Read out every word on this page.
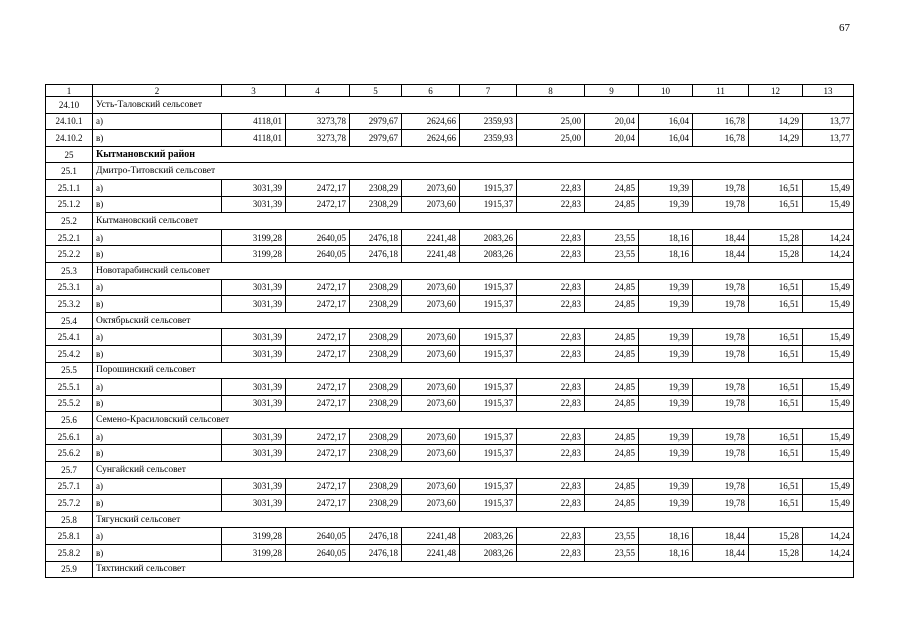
67
1	2	3	4	5	6	7	8	9	10	11	12	13
24.10	Усть-Таловский сельсовет											
24.10.1	а)	4118,01	3273,78	2979,67	2624,66	2359,93	25,00	20,04	16,04	16,78	14,29	13,77
24.10.2	в)	4118,01	3273,78	2979,67	2624,66	2359,93	25,00	20,04	16,04	16,78	14,29	13,77
25	Кытмановский район											
25.1	Дмитро-Титовский сельсовет											
25.1.1	а)	3031,39	2472,17	2308,29	2073,60	1915,37	22,83	24,85	19,39	19,78	16,51	15,49
25.1.2	в)	3031,39	2472,17	2308,29	2073,60	1915,37	22,83	24,85	19,39	19,78	16,51	15,49
25.2	Кытмановский сельсовет											
25.2.1	а)	3199,28	2640,05	2476,18	2241,48	2083,26	22,83	23,55	18,16	18,44	15,28	14,24
25.2.2	в)	3199,28	2640,05	2476,18	2241,48	2083,26	22,83	23,55	18,16	18,44	15,28	14,24
25.3	Новотарабинский сельсовет											
25.3.1	а)	3031,39	2472,17	2308,29	2073,60	1915,37	22,83	24,85	19,39	19,78	16,51	15,49
25.3.2	в)	3031,39	2472,17	2308,29	2073,60	1915,37	22,83	24,85	19,39	19,78	16,51	15,49
25.4	Октябрьский сельсовет											
25.4.1	а)	3031,39	2472,17	2308,29	2073,60	1915,37	22,83	24,85	19,39	19,78	16,51	15,49
25.4.2	в)	3031,39	2472,17	2308,29	2073,60	1915,37	22,83	24,85	19,39	19,78	16,51	15,49
25.5	Порошинский сельсовет											
25.5.1	а)	3031,39	2472,17	2308,29	2073,60	1915,37	22,83	24,85	19,39	19,78	16,51	15,49
25.5.2	в)	3031,39	2472,17	2308,29	2073,60	1915,37	22,83	24,85	19,39	19,78	16,51	15,49
25.6	Семено-Красиловский сельсовет											
25.6.1	а)	3031,39	2472,17	2308,29	2073,60	1915,37	22,83	24,85	19,39	19,78	16,51	15,49
25.6.2	в)	3031,39	2472,17	2308,29	2073,60	1915,37	22,83	24,85	19,39	19,78	16,51	15,49
25.7	Сунгайский сельсовет											
25.7.1	а)	3031,39	2472,17	2308,29	2073,60	1915,37	22,83	24,85	19,39	19,78	16,51	15,49
25.7.2	в)	3031,39	2472,17	2308,29	2073,60	1915,37	22,83	24,85	19,39	19,78	16,51	15,49
25.8	Тягунский сельсовет											
25.8.1	а)	3199,28	2640,05	2476,18	2241,48	2083,26	22,83	23,55	18,16	18,44	15,28	14,24
25.8.2	в)	3199,28	2640,05	2476,18	2241,48	2083,26	22,83	23,55	18,16	18,44	15,28	14,24
25.9	Тяхтинский сельсовет											
